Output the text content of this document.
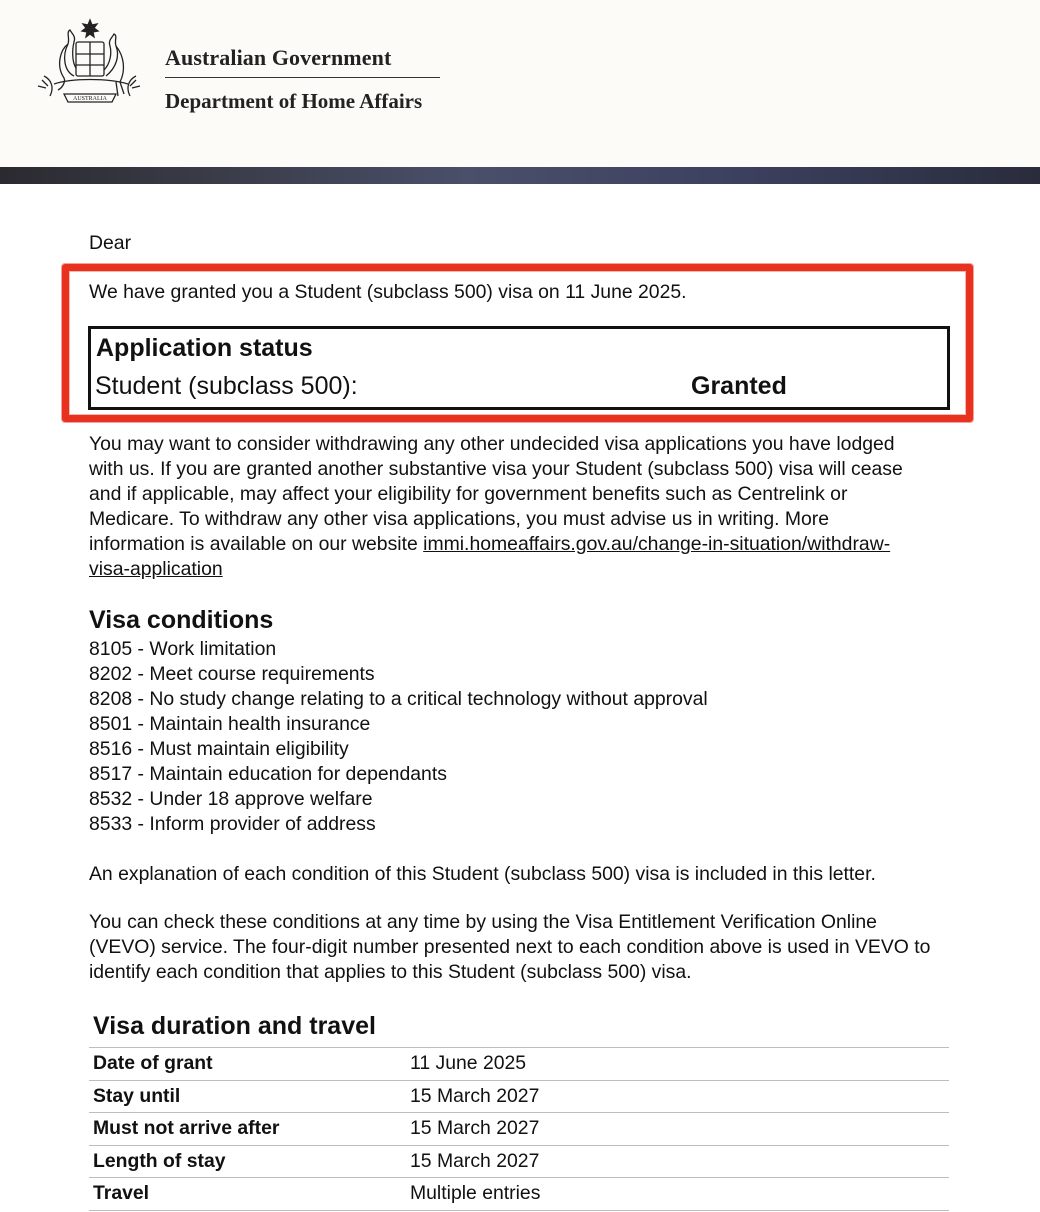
AUSTRALIA
Australian Government
Department of Home Affairs
Dear
We have granted you a Student (subclass 500) visa on 11 June 2025.
Application status
Student (subclass 500):	Granted
You may want to consider withdrawing any other undecided visa applications you have lodged with us. If you are granted another substantive visa your Student (subclass 500) visa will cease and if applicable, may affect your eligibility for government benefits such as Centrelink or Medicare. To withdraw any other visa applications, you must advise us in writing. More information is available on our website immi.homeaffairs.gov.au/change-in-situation/withdraw-visa-application
Visa conditions
8105 - Work limitation
8202 - Meet course requirements
8208 - No study change relating to a critical technology without approval
8501 - Maintain health insurance
8516 - Must maintain eligibility
8517 - Maintain education for dependants
8532 - Under 18 approve welfare
8533 - Inform provider of address
An explanation of each condition of this Student (subclass 500) visa is included in this letter.
You can check these conditions at any time by using the Visa Entitlement Verification Online (VEVO) service. The four-digit number presented next to each condition above is used in VEVO to identify each condition that applies to this Student (subclass 500) visa.
Visa duration and travel
Date of grant	11 June 2025
Stay until	15 March 2027
Must not arrive after	15 March 2027
Length of stay	15 March 2027
Travel	Multiple entries
